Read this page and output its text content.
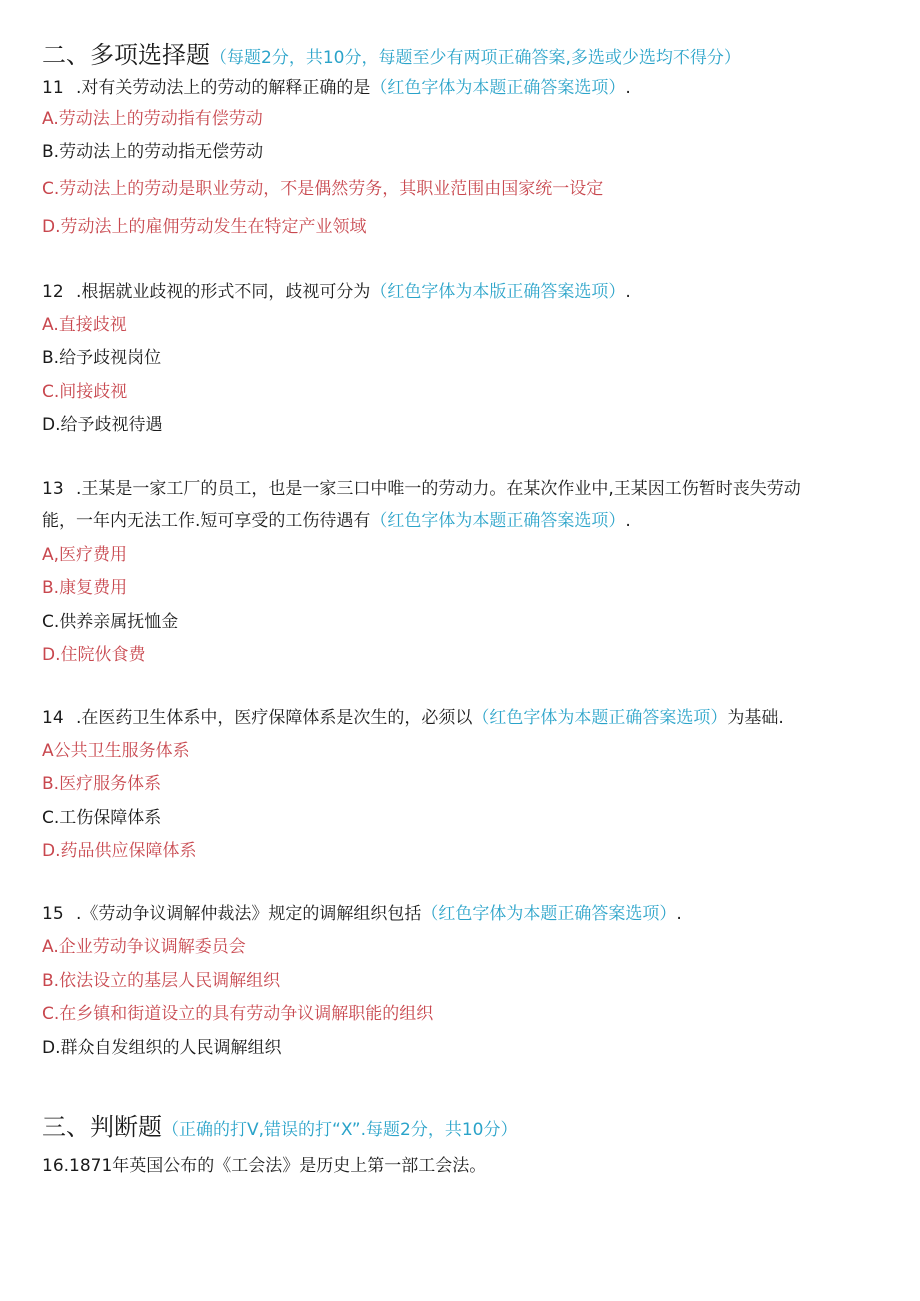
二、多项选择题（每题2分，共10分，每题至少有两项正确答案,多选或少选均不得分）
11 .对有关劳动法上的劳动的解释正确的是（红色字体为本题正确答案选项）.
A.劳动法上的劳动指有偿劳动
B.劳动法上的劳动指无偿劳动
C.劳动法上的劳动是职业劳动，不是偶然劳务，其职业范围由国家统一设定
D.劳动法上的雇佣劳动发生在特定产业领域
12 .根据就业歧视的形式不同，歧视可分为（红色字体为本版正确答案选项）.
A.直接歧视
B.给予歧视岗位
C.间接歧视
D.给予歧视待遇
13 .王某是一家工厂的员工，也是一家三口中唯一的劳动力。在某次作业中,王某因工伤暂时丧失劳动
能，一年内无法工作.短可享受的工伤待遇有（红色字体为本题正确答案选项）.
A,医疗费用
B.康复费用
C.供养亲属抚恤金
D.住院伙食费
14 .在医药卫生体系中，医疗保障体系是次生的，必须以（红色字体为本题正确答案选项）为基础.
A公共卫生服务体系
B.医疗服务体系
C.工伤保障体系
D.药品供应保障体系
15 .《劳动争议调解仲裁法》规定的调解组织包括（红色字体为本题正确答案选项）.
A.企业劳动争议调解委员会
B.依法设立的基层人民调解组织
C.在乡镇和街道设立的具有劳动争议调解职能的组织
D.群众自发组织的人民调解组织
三、判断题（正确的打V,错误的打“X”.每题2分，共10分）
16.1871年英国公布的《工会法》是历史上第一部工会法。
